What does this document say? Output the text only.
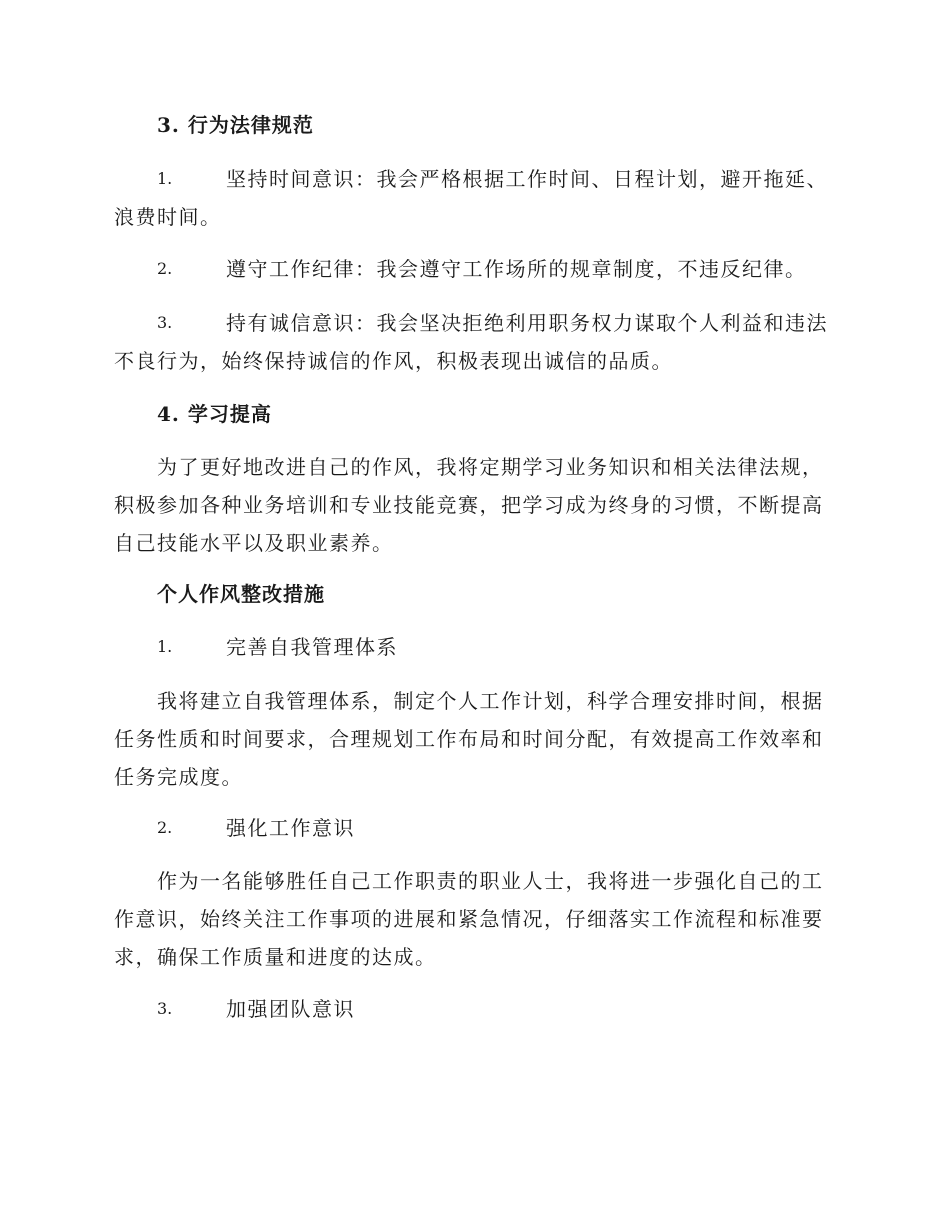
3. 行为法律规范

1.	坚持时间意识：我会严格根据工作时间、日程计划，避开拖延、浪费时间。
2.	遵守工作纪律：我会遵守工作场所的规章制度，不违反纪律。
3.	持有诚信意识：我会坚决拒绝利用职务权力谋取个人利益和违法不良行为，始终保持诚信的作风，积极表现出诚信的品质。

4. 学习提高

为了更好地改进自己的作风，我将定期学习业务知识和相关法律法规，积极参加各种业务培训和专业技能竞赛，把学习成为终身的习惯，不断提高自己技能水平以及职业素养。

个人作风整改措施

1.	完善自我管理体系

我将建立自我管理体系，制定个人工作计划，科学合理安排时间，根据任务性质和时间要求，合理规划工作布局和时间分配，有效提高工作效率和任务完成度。

2.	强化工作意识

作为一名能够胜任自己工作职责的职业人士，我将进一步强化自己的工作意识，始终关注工作事项的进展和紧急情况，仔细落实工作流程和标准要求，确保工作质量和进度的达成。

3.	加强团队意识
